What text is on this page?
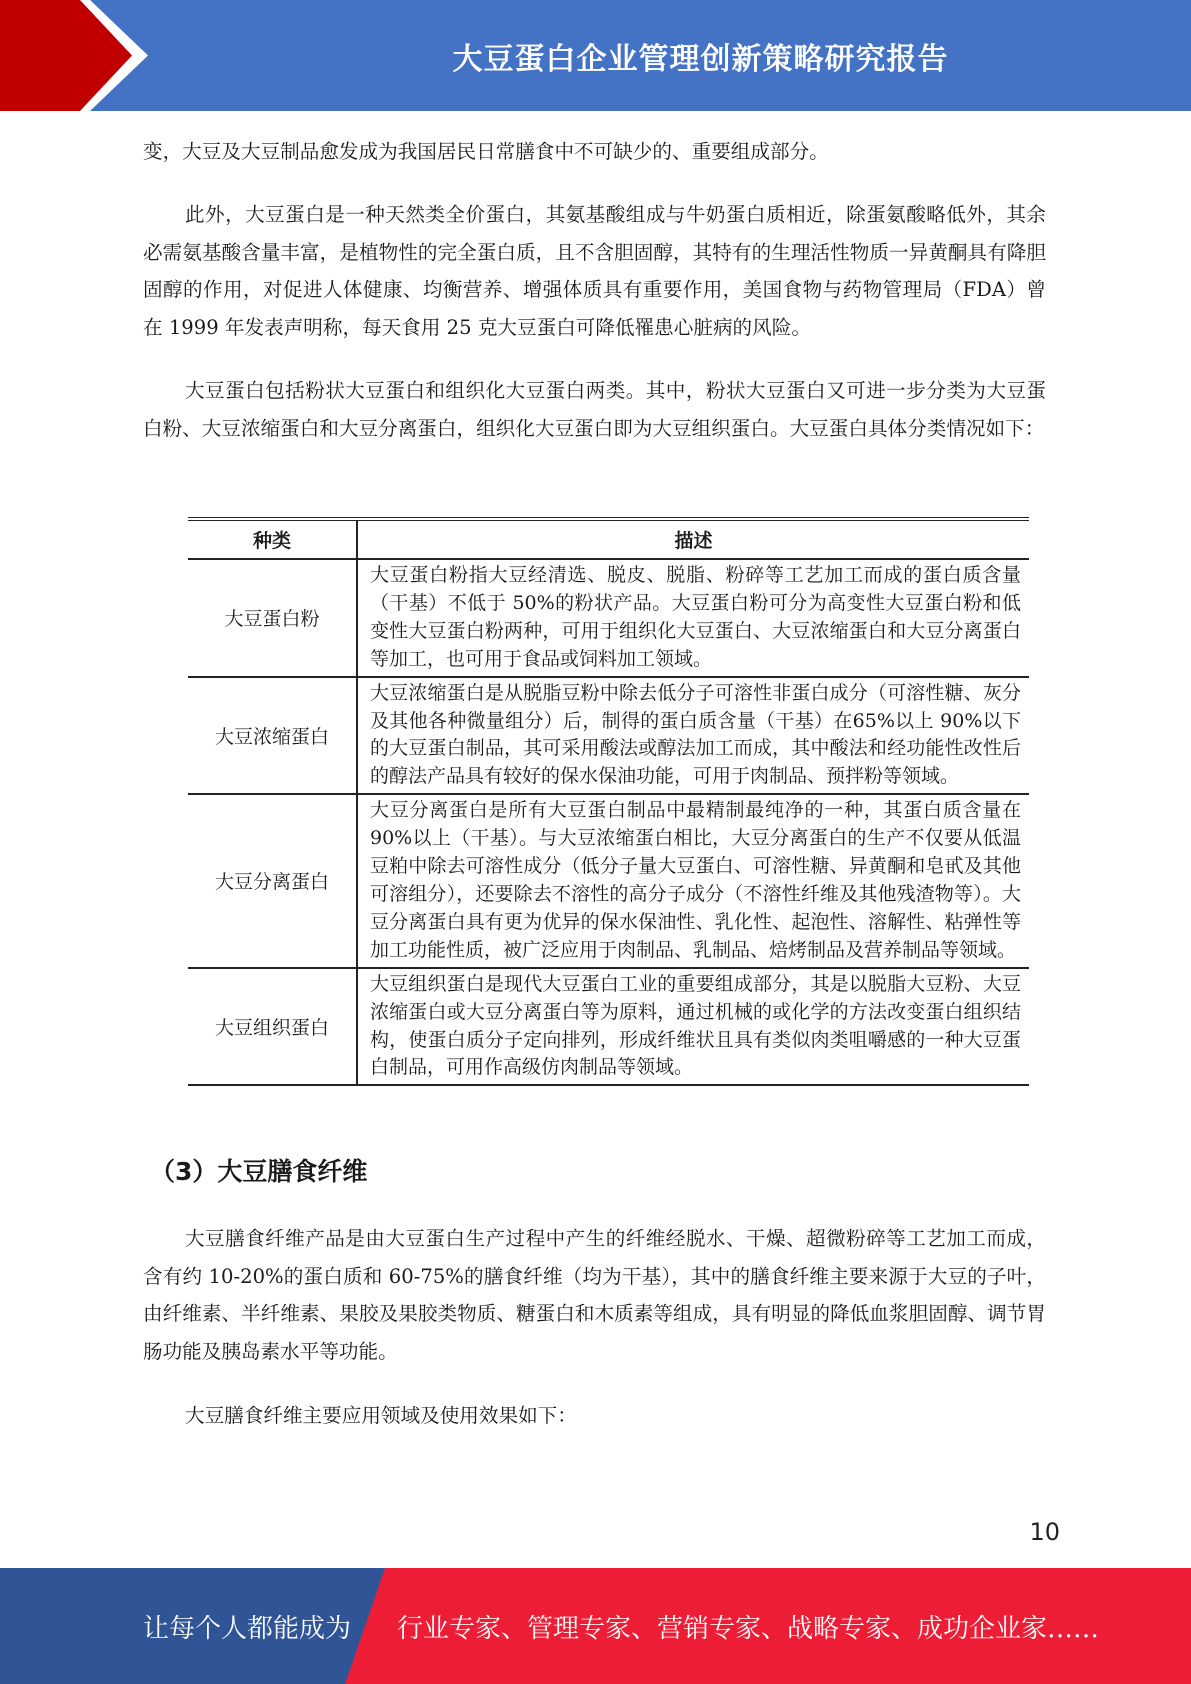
大豆蛋白企业管理创新策略研究报告

变，大豆及大豆制品愈发成为我国居民日常膳食中不可缺少的、重要组成部分。

此外，大豆蛋白是一种天然类全价蛋白，其氨基酸组成与牛奶蛋白质相近，除蛋氨酸略低外，其余必需氨基酸含量丰富，是植物性的完全蛋白质，且不含胆固醇，其特有的生理活性物质一异黄酮具有降胆固醇的作用，对促进人体健康、均衡营养、增强体质具有重要作用，美国食物与药物管理局（FDA）曾在 1999 年发表声明称，每天食用 25 克大豆蛋白可降低罹患心脏病的风险。

大豆蛋白包括粉状大豆蛋白和组织化大豆蛋白两类。其中，粉状大豆蛋白又可进一步分类为大豆蛋白粉、大豆浓缩蛋白和大豆分离蛋白，组织化大豆蛋白即为大豆组织蛋白。大豆蛋白具体分类情况如下：

种类	描述
大豆蛋白粉	大豆蛋白粉指大豆经清选、脱皮、脱脂、粉碎等工艺加工而成的蛋白质含量（干基）不低于 50%的粉状产品。大豆蛋白粉可分为高变性大豆蛋白粉和低变性大豆蛋白粉两种，可用于组织化大豆蛋白、大豆浓缩蛋白和大豆分离蛋白等加工，也可用于食品或饲料加工领域。
大豆浓缩蛋白	大豆浓缩蛋白是从脱脂豆粉中除去低分子可溶性非蛋白成分（可溶性糖、灰分及其他各种微量组分）后，制得的蛋白质含量（干基）在65%以上 90%以下的大豆蛋白制品，其可采用酸法或醇法加工而成，其中酸法和经功能性改性后的醇法产品具有较好的保水保油功能，可用于肉制品、预拌粉等领域。
大豆分离蛋白	大豆分离蛋白是所有大豆蛋白制品中最精制最纯净的一种，其蛋白质含量在 90%以上（干基）。与大豆浓缩蛋白相比，大豆分离蛋白的生产不仅要从低温豆粕中除去可溶性成分（低分子量大豆蛋白、可溶性糖、异黄酮和皂甙及其他可溶组分），还要除去不溶性的高分子成分（不溶性纤维及其他残渣物等）。大豆分离蛋白具有更为优异的保水保油性、乳化性、起泡性、溶解性、粘弹性等加工功能性质，被广泛应用于肉制品、乳制品、焙烤制品及营养制品等领域。
大豆组织蛋白	大豆组织蛋白是现代大豆蛋白工业的重要组成部分，其是以脱脂大豆粉、大豆浓缩蛋白或大豆分离蛋白等为原料，通过机械的或化学的方法改变蛋白组织结构，使蛋白质分子定向排列，形成纤维状且具有类似肉类咀嚼感的一种大豆蛋白制品，可用作高级仿肉制品等领域。
（3）大豆膳食纤维

大豆膳食纤维产品是由大豆蛋白生产过程中产生的纤维经脱水、干燥、超微粉碎等工艺加工而成，含有约 10-20%的蛋白质和 60-75%的膳食纤维（均为干基），其中的膳食纤维主要来源于大豆的子叶，由纤维素、半纤维素、果胶及果胶类物质、糖蛋白和木质素等组成，具有明显的降低血浆胆固醇、调节胃肠功能及胰岛素水平等功能。

大豆膳食纤维主要应用领域及使用效果如下：

10
让每个人都能成为 行业专家、管理专家、营销专家、战略专家、成功企业家……
